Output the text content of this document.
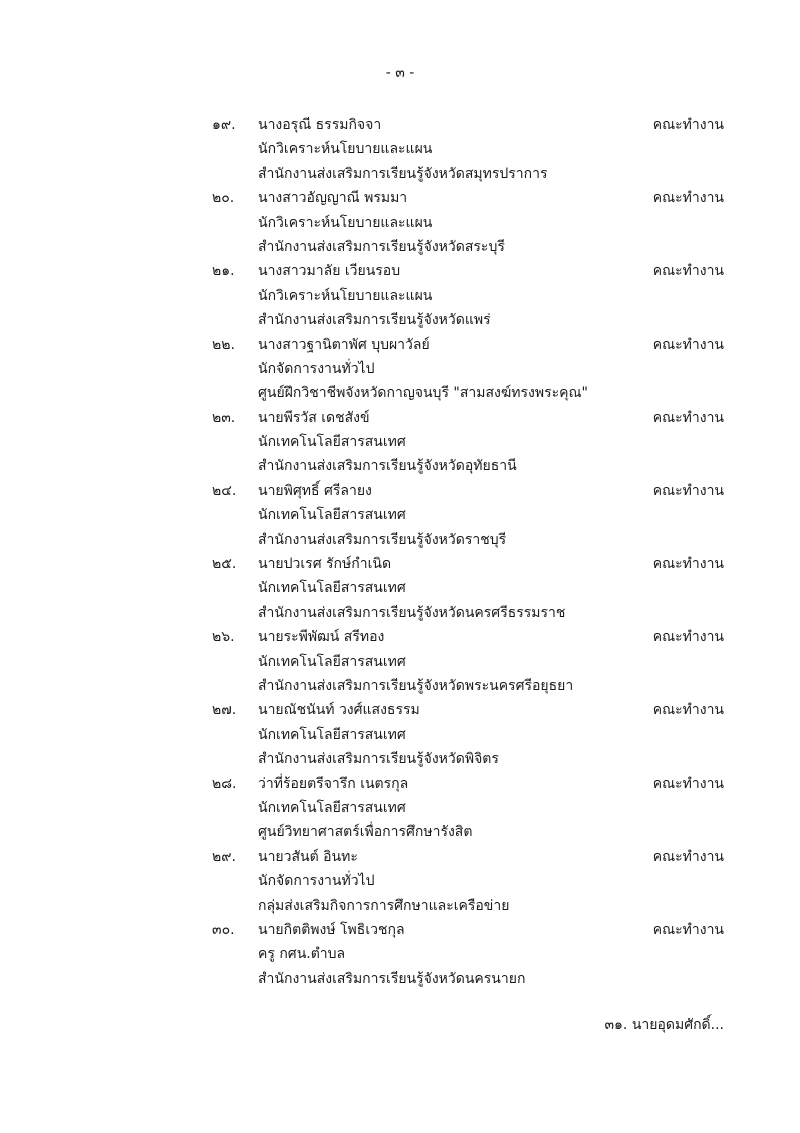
- ๓ -
๑๙. นางอรุณี ธรรมกิจจา	คณะทำงาน
นักวิเคราะห์นโยบายและแผน
สำนักงานส่งเสริมการเรียนรู้จังหวัดสมุทรปราการ
๒๐. นางสาวอัญญาณี พรมมา	คณะทำงาน
นักวิเคราะห์นโยบายและแผน
สำนักงานส่งเสริมการเรียนรู้จังหวัดสระบุรี
๒๑. นางสาวมาลัย เวียนรอบ	คณะทำงาน
นักวิเคราะห์นโยบายและแผน
สำนักงานส่งเสริมการเรียนรู้จังหวัดแพร่
๒๒. นางสาวฐานิตาพัศ บุบผาวัลย์	คณะทำงาน
นักจัดการงานทั่วไป
ศูนย์ฝึกวิชาชีพจังหวัดกาญจนบุรี "สามสงฆ์ทรงพระคุณ"
๒๓. นายพีรวัส เดชสังข์	คณะทำงาน
นักเทคโนโลยีสารสนเทศ
สำนักงานส่งเสริมการเรียนรู้จังหวัดอุทัยธานี
๒๔. นายพิศุทธิ์ ศรีลายง	คณะทำงาน
นักเทคโนโลยีสารสนเทศ
สำนักงานส่งเสริมการเรียนรู้จังหวัดราชบุรี
๒๕. นายปวเรศ รักษ์กำเนิด	คณะทำงาน
นักเทคโนโลยีสารสนเทศ
สำนักงานส่งเสริมการเรียนรู้จังหวัดนครศรีธรรมราช
๒๖. นายระพีพัฒน์ สรีทอง	คณะทำงาน
นักเทคโนโลยีสารสนเทศ
สำนักงานส่งเสริมการเรียนรู้จังหวัดพระนครศรีอยุธยา
๒๗. นายณัชนันท์ วงศ์แสงธรรม	คณะทำงาน
นักเทคโนโลยีสารสนเทศ
สำนักงานส่งเสริมการเรียนรู้จังหวัดพิจิตร
๒๘. ว่าที่ร้อยตรีจารึก เนตรกุล	คณะทำงาน
นักเทคโนโลยีสารสนเทศ
ศูนย์วิทยาศาสตร์เพื่อการศึกษารังสิต
๒๙. นายวสันต์ อินทะ	คณะทำงาน
นักจัดการงานทั่วไป
กลุ่มส่งเสริมกิจการการศึกษาและเครือข่าย
๓๐. นายกิตติพงษ์ โพธิเวชกุล	คณะทำงาน
ครู กศน.ตำบล
สำนักงานส่งเสริมการเรียนรู้จังหวัดนครนายก
๓๑. นายอุดมศักดิ์...
